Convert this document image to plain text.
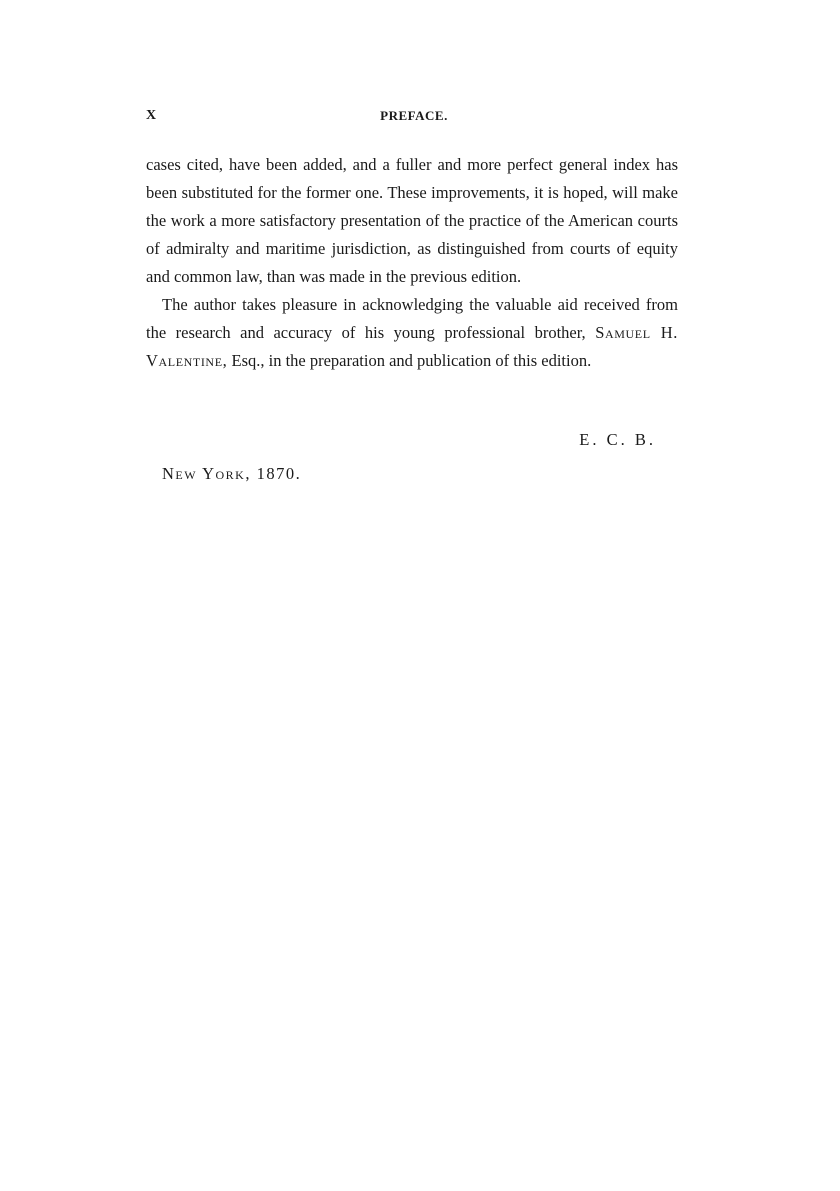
X	PREFACE.

cases cited, have been added, and a fuller and more perfect general index has been substituted for the former one. These improvements, it is hoped, will make the work a more satisfactory presentation of the practice of the American courts of admiralty and maritime jurisdiction, as distinguished from courts of equity and common law, than was made in the previous edition.

The author takes pleasure in acknowledging the valuable aid received from the research and accuracy of his young professional brother, Samuel H. Valentine, Esq., in the preparation and publication of this edition.

E. C. B.
New York, 1870.
